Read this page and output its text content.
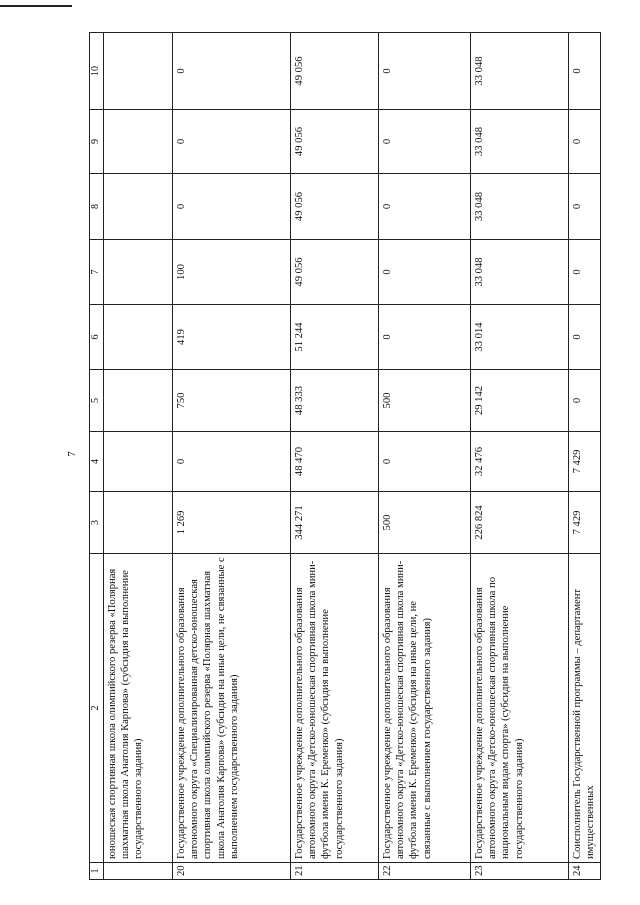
7
1	2	3	4	5	6	7	8	9	10
	юношеская спортивная школа олимпийского резерва «Полярная шахматная школа Анатолия Карпова» (субсидия на выполнение государственного задания)								
20	Государственное учреждение дополнительного образования автономного округа «Специализированная детско-юношеская спортивная школа олимпийского резерва «Полярная шахматная школа Анатолия Карпова» (субсидия на иные цели, не связанные с выполнением государственного задания)	1 269	0	750	419	100	0	0	0
21	Государственное учреждение дополнительного образования автономного округа «Детско-юношеская спортивная школа мини-футбола имени К. Еременко» (субсидия на выполнение государственного задания)	344 271	48 470	48 333	51 244	49 056	49 056	49 056	49 056
22	Государственное учреждение дополнительного образования автономного округа «Детско-юношеская спортивная школа мини-футбола имени К. Еременко» (субсидия на иные цели, не связанные с выполнением государственного задания)	500	0	500	0	0	0	0	0
23	Государственное учреждение дополнительного образования автономного округа «Детско-юношеская спортивная школа по национальным видам спорта» (субсидия на выполнение государственного задания)	226 824	32 476	29 142	33 014	33 048	33 048	33 048	33 048
24	Соисполнитель Государственной программы – департамент имущественных	7 429	7 429	0	0	0	0	0	0
